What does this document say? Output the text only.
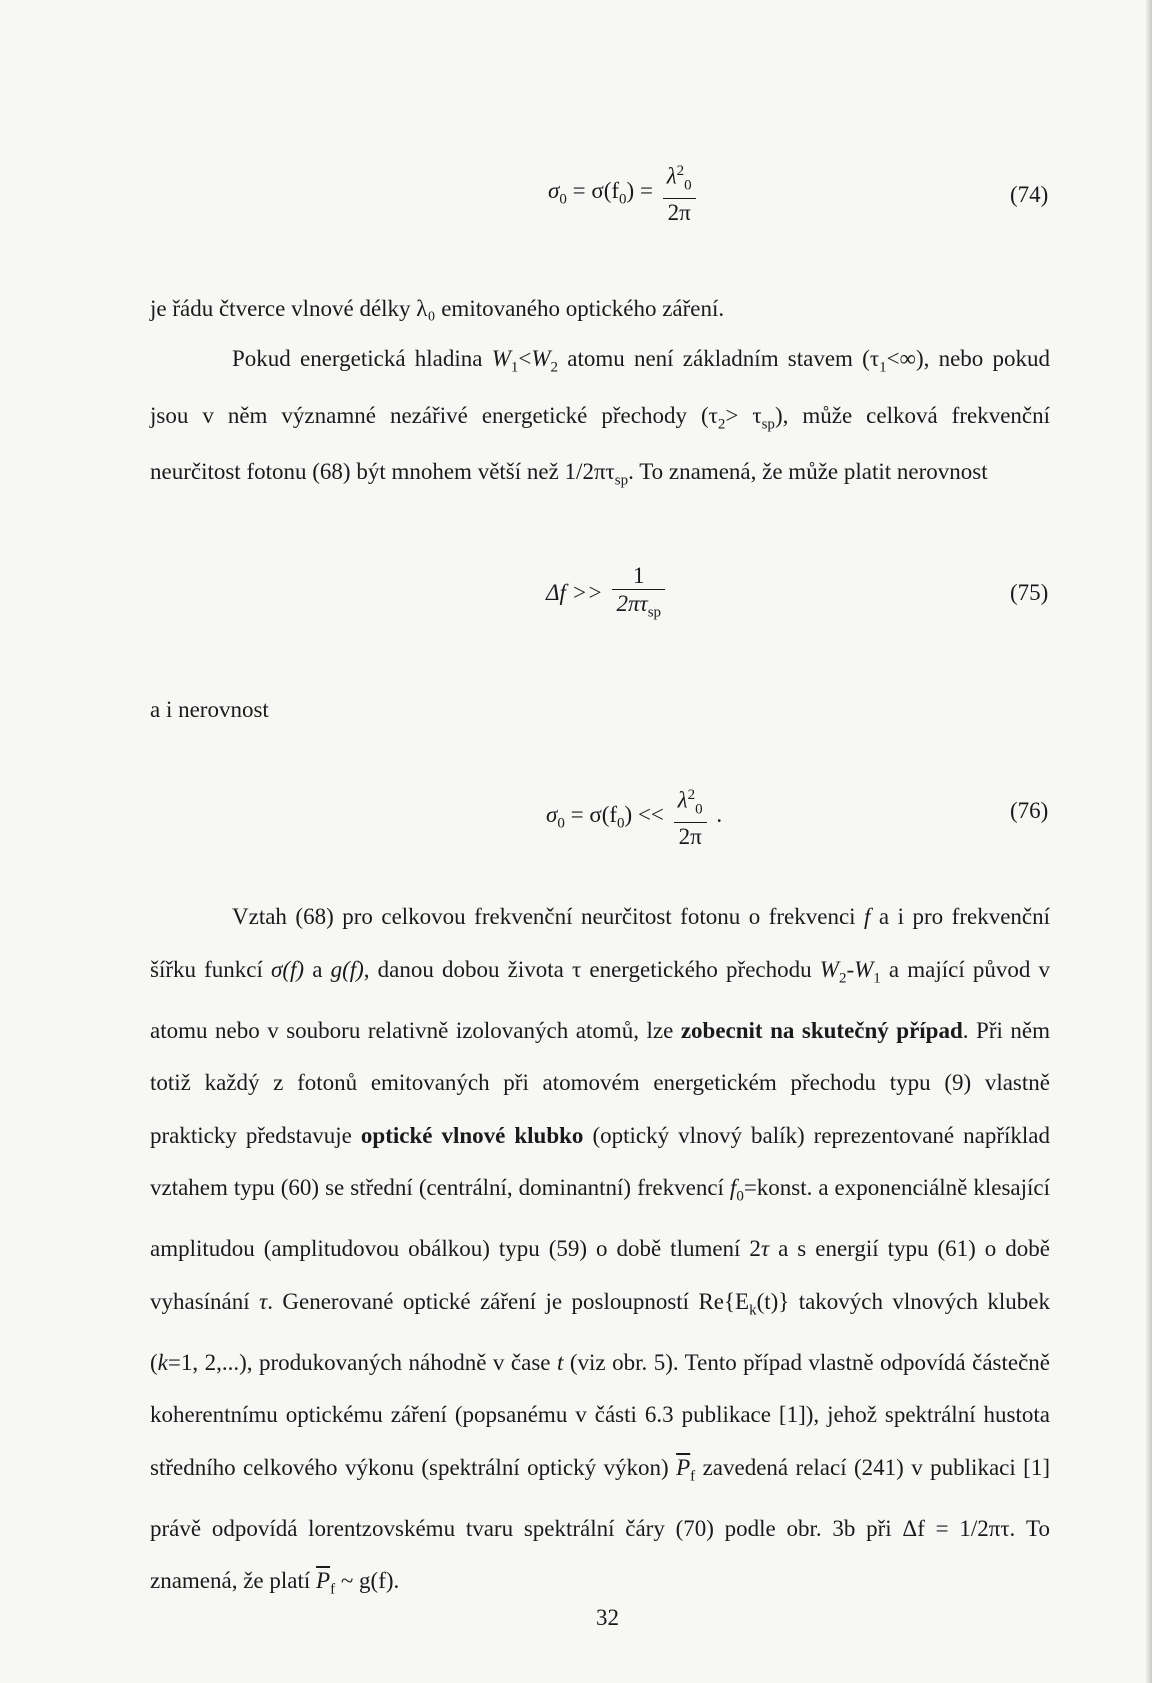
$\sigma_0 = \sigma(f_0) = \frac{\lambda^2_0}{2\pi}$	(74)
je řádu čtverce vlnové délky λ₀ emitovaného optického záření.
Pokud energetická hladina $W_1<W_2$ atomu není základním stavem $(\tau_1<\infty)$, nebo pokud jsou v něm významné nezářivé energetické přechody $(\tau_2> \tau_{sp})$, může celková frekvenční neurčitost fotonu (68) být mnohem větší než $1/2\pi\tau_{sp}$. To znamená, že může platit nerovnost
$\Delta f >> \frac{1}{2\pi\tau_{sp}}$	(75)
a i nerovnost
$\sigma_0 = \sigma(f_0) << \frac{\lambda^2_0}{2\pi}$ .	(76)
Vztah (68) pro celkovou frekvenční neurčitost fotonu o frekvenci f a i pro frekvenční šířku funkcí σ(f) a g(f), danou dobou života τ energetického přechodu $W_2-W_1$ a mající původ v atomu nebo v souboru relativně izolovaných atomů, lze zobecnit na skutečný případ. Při něm totiž každý z fotonů emitovaných při atomovém energetickém přechodu typu (9) vlastně prakticky představuje optické vlnové klubko (optický vlnový balík) reprezentované například vztahem typu (60) se střední (centrální, dominantní) frekvencí $f_0=konst$. a exponenciálně klesající amplitudou (amplitudovou obálkou) typu (59) o době tlumení 2τ a s energií typu (61) o době vyhasínání τ. Generované optické záření je posloupností $Re\{E_k(t)\}$ takových vlnových klubek (k=1, 2,...), produkovaných náhodně v čase t (viz obr. 5). Tento případ vlastně odpovídá částečně koherentnímu optickému záření (popsanému v části 6.3 publikace [1]), jehož spektrální hustota středního celkového výkonu (spektrální optický výkon) $\overline{P}_f$ zavedená relací (241) v publikaci [1] právě odpovídá lorentzovskému tvaru spektrální čáry (70) podle obr. 3b při Δf = 1/2πτ. To znamená, že platí $\overline{P}_f$ ~ g(f).
32
